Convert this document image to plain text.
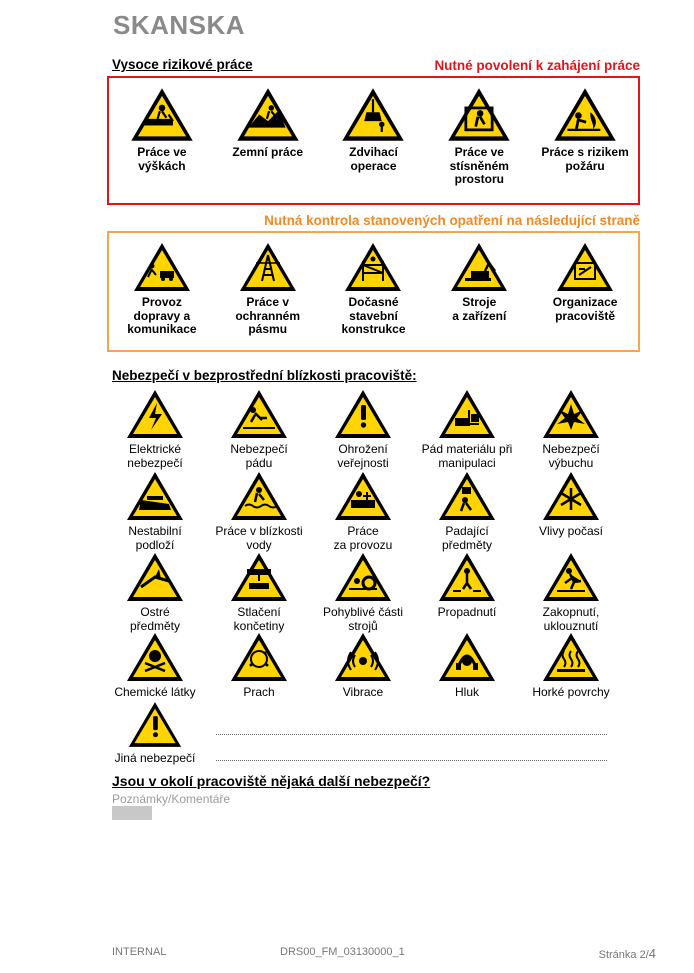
SKANSKA
Vysoce rizikové práce	Nutné povolení k zahájení práce
Práce ve
výškách
Zemní práce	Zdvihací
operace
Práce ve
stísněném
prostoru
Práce s rizikem
požáru
Nutná kontrola stanovených opatření na následující straně
Provoz
dopravy a
komunikace
Práce v
ochranném
pásmu
Dočasné
stavební
konstrukce
Stroje
a zařízení
Organizace
pracoviště
Nebezpečí v bezprostřední blízkosti pracoviště:
Elektrické
nebezpečí
Nebezpečí
pádu
Ohrožení
veřejnosti
Pád materiálu při
manipulaci
Nebezpečí
výbuchu
Nestabilní
podloží
Práce v blízkosti
vody
Práce
za provozu
Padající
předměty
Vlivy počasí
Ostré
předměty
Stlačení
končetiny
Pohyblivé části
strojů
Propadnutí	Zakopnutí,
uklouznutí
Chemické látky	Prach	Vibrace	Hluk	Horké povrchy
Jiná nebezpečí
Jsou v okolí pracoviště nějaká další nebezpečí?
Poznámky/Komentáře
INTERNAL	DRS00_FM_03130000_1	Stránka 2/4
